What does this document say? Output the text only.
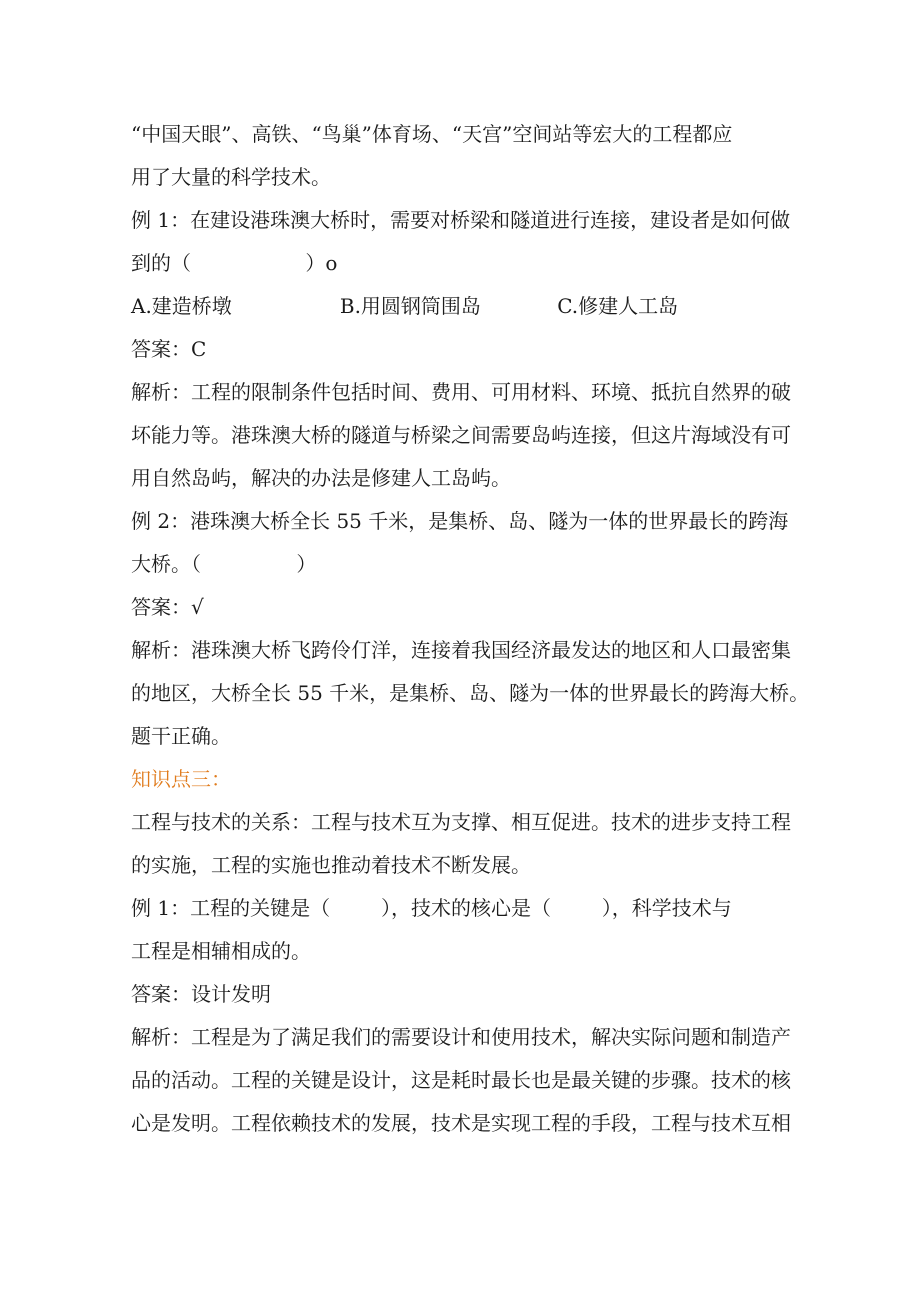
“中国天眼”、高铁、“鸟巢”体育场、“天宫”空间站等宏大的工程都应
用了大量的科学技术。
例 1：在建设港珠澳大桥时，需要对桥梁和隧道进行连接，建设者是如何做
到的（                  ）o
A.建造桥墩                 B.用圆钢筒围岛            C.修建人工岛
答案：C
解析：工程的限制条件包括时间、费用、可用材料、环境、抵抗自然界的破
坏能力等。港珠澳大桥的隧道与桥梁之间需要岛屿连接，但这片海域没有可
用自然岛屿，解决的办法是修建人工岛屿。
例 2：港珠澳大桥全长 55 千米，是集桥、岛、隧为一体的世界最长的跨海
大桥。（               ）
答案：√
解析：港珠澳大桥飞跨伶仃洋，连接着我国经济最发达的地区和人口最密集
的地区，大桥全长 55 千米，是集桥、岛、隧为一体的世界最长的跨海大桥。
题干正确。
知识点三：
工程与技术的关系：工程与技术互为支撑、相互促进。技术的进步支持工程
的实施，工程的实施也推动着技术不断发展。
例 1：工程的关键是（        ），技术的核心是（        ），科学技术与
工程是相辅相成的。
答案：设计发明
解析：工程是为了满足我们的需要设计和使用技术，解决实际问题和制造产
品的活动。工程的关键是设计，这是耗时最长也是最关键的步骤。技术的核
心是发明。工程依赖技术的发展，技术是实现工程的手段，工程与技术互相
